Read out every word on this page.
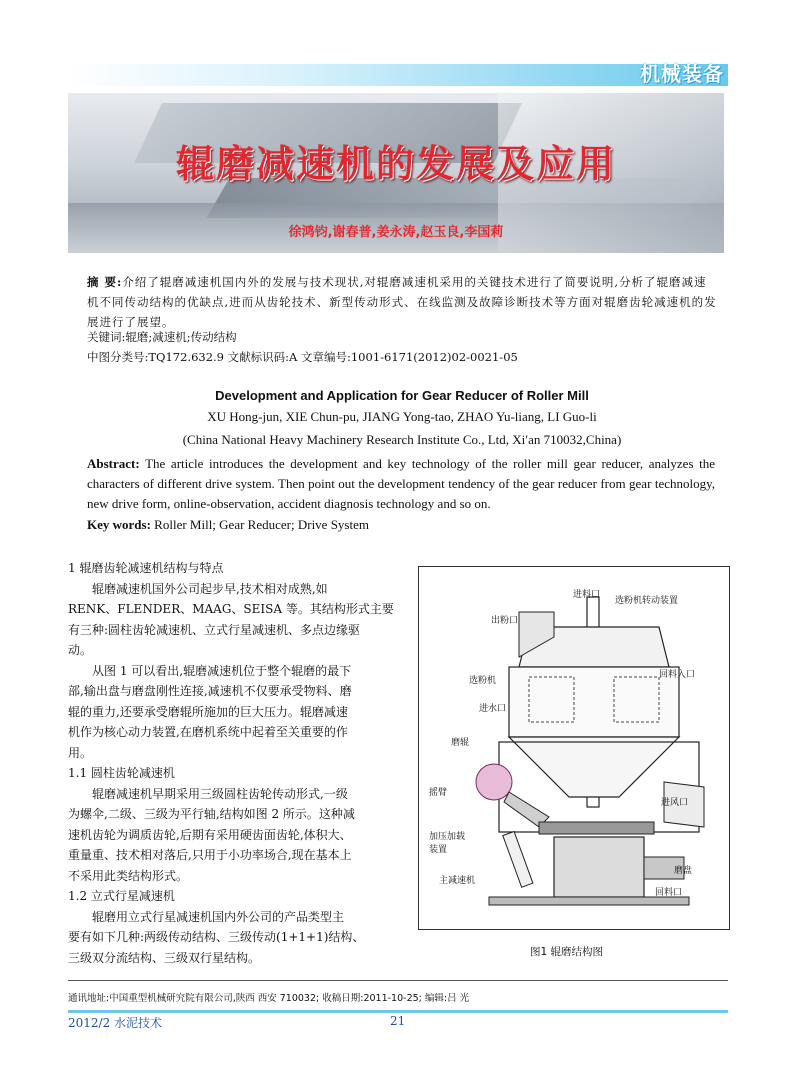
机械装备
辊磨减速机的发展及应用
徐鸿钧,谢春普,姜永涛,赵玉良,李国莉
摘 要:介绍了辊磨减速机国内外的发展与技术现状,对辊磨减速机采用的关键技术进行了简要说明,分析了辊磨减速机不同传动结构的优缺点,进而从齿轮技术、新型传动形式、在线监测及故障诊断技术等方面对辊磨齿轮减速机的发展进行了展望。
关键词:辊磨;减速机;传动结构
中图分类号:TQ172.632.9 文献标识码:A 文章编号:1001-6171(2012)02-0021-05
Development and Application for Gear Reducer of Roller Mill
XU Hong-jun, XIE Chun-pu, JIANG Yong-tao, ZHAO Yu-liang, LI Guo-li
(China National Heavy Machinery Research Institute Co., Ltd, Xi′an 710032,China)
Abstract: The article introduces the development and key technology of the roller mill gear reducer, analyzes the characters of different drive system. Then point out the development tendency of the gear reducer from gear technology, new drive form, online-observation, accident diagnosis technology and so on.
Key words: Roller Mill; Gear Reducer; Drive System
1 辊磨齿轮减速机结构与特点

辊磨减速机国外公司起步早,技术相对成熟,如

RENK、FLENDER、MAAG、SEISA 等。其结构形式主要
有三种:圆柱齿轮减速机、立式行星减速机、多点边缘驱
动。

从图 1 可以看出,辊磨减速机位于整个辊磨的最下

部,输出盘与磨盘刚性连接,减速机不仅要承受物料、磨
辊的重力,还要承受磨辊所施加的巨大压力。辊磨减速
机作为核心动力装置,在磨机系统中起着至关重要的作
用。
1.1 圆柱齿轮减速机

辊磨减速机早期采用三级圆柱齿轮传动形式,一级

为螺伞,二级、三级为平行轴,结构如图 2 所示。这种减
速机齿轮为调质齿轮,后期有采用硬齿面齿轮,体积大、
重量重、技术相对落后,只用于小功率场合,现在基本上
不采用此类结构形式。
1.2 立式行星减速机

辊磨用立式行星减速机国内外公司的产品类型主

要有如下几种:两级传动结构、三级传动(1+1+1)结构、
三级双分流结构、三级双行星结构。
进料口
选粉机转动装置
出粉口
回料入口
选粉机
进水口
磨辊
摇臂
进风口
加压加载装置
主减速机
磨盘
回料口
图1 辊磨结构图
通讯地址:中国重型机械研究院有限公司,陕西 西安 710032; 收稿日期:2011-10-25; 编辑:吕 光
2012/2 水泥技术	21
